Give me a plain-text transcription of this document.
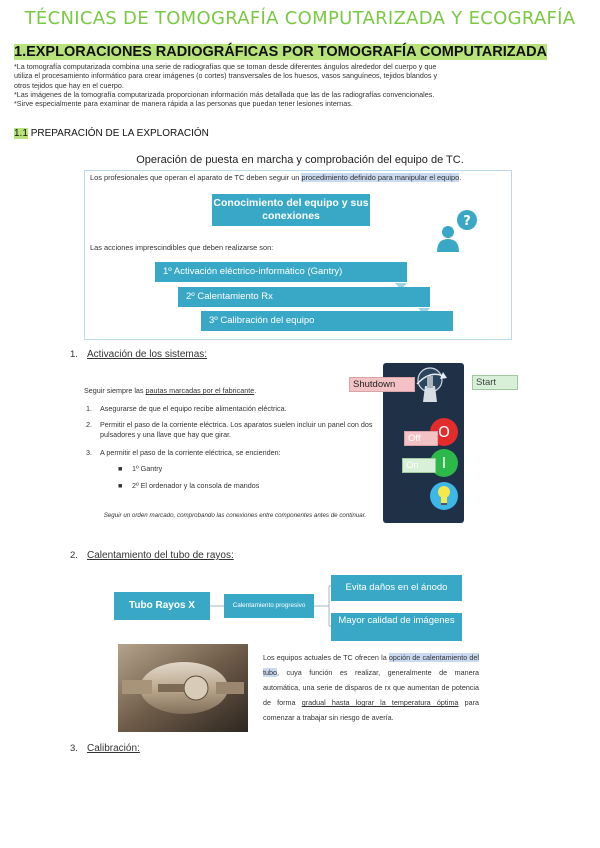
TÉCNICAS DE TOMOGRAFÍA COMPUTARIZADA Y ECOGRAFÍA
1.EXPLORACIONES RADIOGRÁFICAS POR TOMOGRAFÍA COMPUTARIZADA
*La tomografía computarizada combina una serie de radiografías que se toman desde diferentes ángulos alrededor del cuerpo y que
utiliza el procesamiento informático para crear imágenes (o cortes) transversales de los huesos, vasos sanguíneos, tejidos blandos y
otros tejidos que hay en el cuerpo.
*Las imágenes de la tomografía computarizada proporcionan información más detallada que las de las radiografías convencionales.
*Sirve especialmente para examinar de manera rápida a las personas que puedan tener lesiones internas.
1.1 PREPARACIÓN DE LA EXPLORACIÓN
Operación de puesta en marcha y comprobación del equipo de TC.
Los profesionales que operan el aparato de TC deben seguir un procedimiento definido para manipular el equipo.
Conocimiento del equipo y sus conexiones	?
Las acciones imprescindibles que deben realizarse son:
1º Activación eléctrico-informático (Gantry)
2º Calentamiento Rx
3º Calibración del equipo
1. Activación de los sistemas:
Seguir siempre las pautas marcadas por el fabricante.
1. Asegurarse de que el equipo recibe alimentación eléctrica.
2.	Permitir el paso de la corriente eléctrica. Los aparatos suelen incluir un panel con dos pulsadores y una llave que hay que girar.
3. A permitir el paso de la corriente eléctrica, se encienden:
■ 1º Gantry
■ 2º El ordenador y la consola de mandos
Seguir un orden marcado, comprobando las conexiones entre componentes antes de continuar.
Shutdown	Start
O
Off
I
On
2. Calentamiento del tubo de rayos:
Tubo Rayos X	Calentamiento progresivo
Evita daños en el ánodo
Mayor calidad de imágenes
Los equipos actuales de TC ofrecen la opción de calentamiento del tubo, cuya función es realizar, generalmente de manera automática, una serie de disparos de rx que aumentan de potencia de forma gradual hasta lograr la temperatura óptima para comenzar a trabajar sin riesgo de avería.
3. Calibración:
